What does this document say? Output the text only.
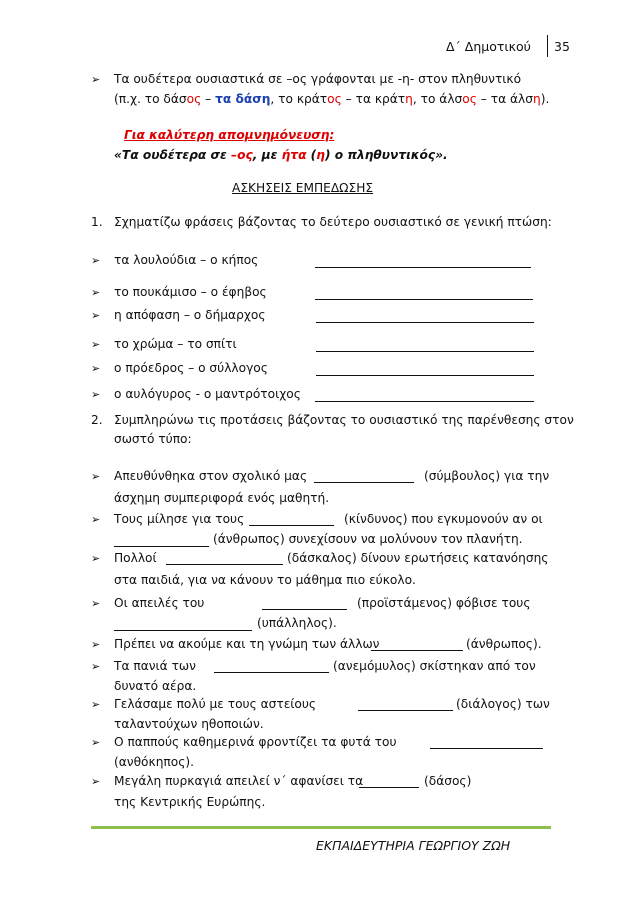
Δ΄ Δημοτικού 35
➢ Τα ουδέτερα ουσιαστικά σε –ος γράφονται με -η- στον πληθυντικό
(π.χ. το δάσος – τα δάση, το κράτος – τα κράτη, το άλσος – τα άλση).
Για καλύτερη απομνημόνευση:
«Τα ουδέτερα σε –ος, με ήτα (η) ο πληθυντικός».
ΑΣΚΗΣΕΙΣ ΕΜΠΕΔΩΣΗΣ
1. Σχηματίζω φράσεις βάζοντας το δεύτερο ουσιαστικό σε γενική πτώση:
➢ τα λουλούδια – ο κήπος
➢ το πουκάμισο – ο έφηβος
➢ η απόφαση – ο δήμαρχος
➢ το χρώμα – το σπίτι
➢ ο πρόεδρος – ο σύλλογος
➢ ο αυλόγυρος - ο μαντρότοιχος
2. Συμπληρώνω τις προτάσεις βάζοντας το ουσιαστικό της παρένθεσης στον
σωστό τύπο:
➢ Απευθύνθηκα στον σχολικό μας	(σύμβουλος) για την
άσχημη συμπεριφορά ενός μαθητή.
➢ Τους μίλησε για τους	(κίνδυνος) που εγκυμονούν αν οι
(άνθρωπος) συνεχίσουν να μολύνουν τον πλανήτη.
➢ Πολλοί	(δάσκαλος) δίνουν ερωτήσεις κατανόησης
στα παιδιά, για να κάνουν το μάθημα πιο εύκολο.
➢ Οι απειλές του	(προϊστάμενος) φόβισε τους
(υπάλληλος).
➢ Πρέπει να ακούμε και τη γνώμη των άλλων	(άνθρωπος).
➢ Τα πανιά των	(ανεμόμυλος) σκίστηκαν από τον
δυνατό αέρα.
➢ Γελάσαμε πολύ με τους αστείους	(διάλογος) των
ταλαντούχων ηθοποιών.
➢ Ο παππούς καθημερινά φροντίζει τα φυτά του
(ανθόκηπος).
➢ Μεγάλη πυρκαγιά απειλεί ν΄ αφανίσει τα	(δάσος)
της Κεντρικής Ευρώπης.
ΕΚΠΑΙΔΕΥΤΗΡΙΑ ΓΕΩΡΓΙΟΥ ΖΩΗ
